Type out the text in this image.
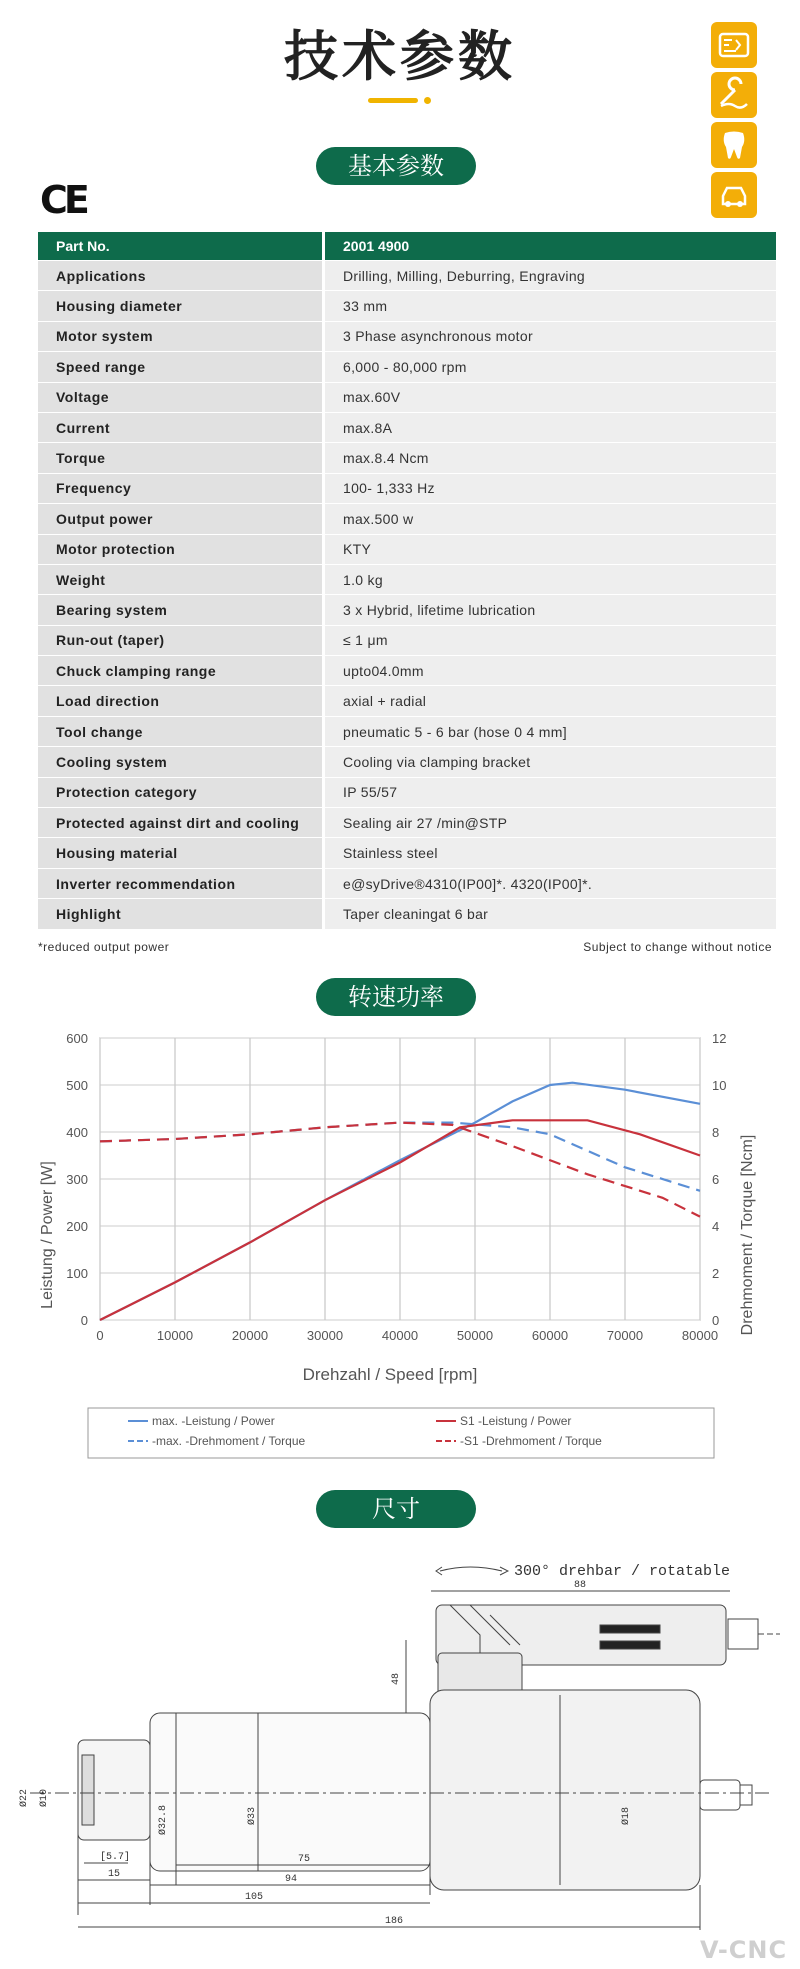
技术参数
基本参数
CE
Part No.	2001 4900
Applications	Drilling, Milling, Deburring, Engraving
Housing diameter	33 mm
Motor system	3 Phase asynchronous motor
Speed range	6,000 - 80,000 rpm
Voltage	max.60V
Current	max.8A
Torque	max.8.4 Ncm
Frequency	100- 1,333 Hz
Output power	max.500 w
Motor protection	KTY
Weight	1.0 kg
Bearing system	3 x Hybrid, lifetime lubrication
Run-out (taper)	≤ 1 μm
Chuck clamping range	upto04.0mm
Load direction	axial + radial
Tool change	pneumatic 5 - 6 bar (hose 0 4 mm]
Cooling system	Cooling via clamping bracket
Protection category	IP 55/57
Protected against dirt and cooling	Sealing air 27 /min@STP
Housing material	Stainless steel
Inverter recommendation	e@syDrive®4310(IP00]*. 4320(IP00]*.
Highlight	Taper cleaningat 6 bar
*reduced output power	Subject to change without notice
转速功率
0	10000	20000	30000	40000	50000	60000	70000	80000
0
100
200
300
400
500
600
0
2
4
6
8
10
12
Drehzahl / Speed [rpm]
Leistung / Power [W]	Drehmoment / Torque [Ncm]
max. -Leistung / Power
-max. -Drehmoment / Torque
S1 -Leistung / Power
-S1 -Drehmoment / Torque
尺寸
300° drehbar / rotatable
88
48
Ø22 Ø10
Ø32.8	Ø33	Ø18
[5.7]
15
75
94
105
186
V-CNC
